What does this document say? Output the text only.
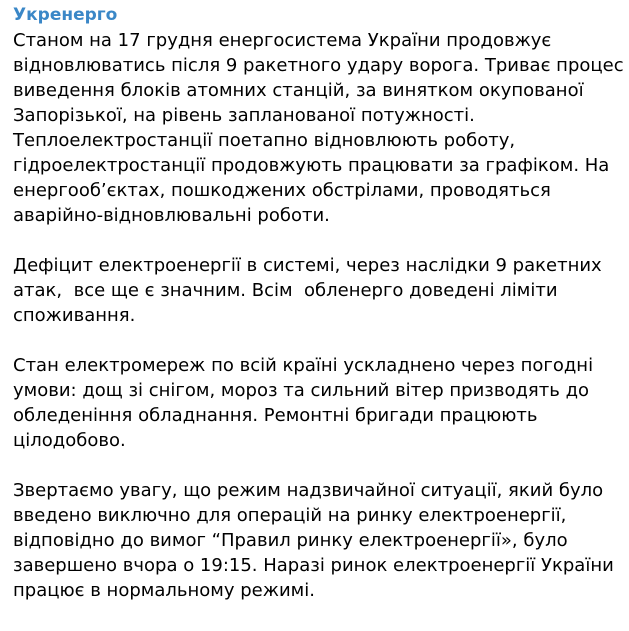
Укренерго
Станом на 17 грудня енергосистема України продовжує
відновлюватись після 9 ракетного удару ворога. Триває процес
виведення блоків атомних станцій, за винятком окупованої
Запорізької, на рівень запланованої потужності.
Теплоелектростанції поетапно відновлюють роботу,
гідроелектростанції продовжують працювати за графіком. На
енергооб’єктах, пошкоджених обстрілами, проводяться
аварійно-відновлювальні роботи.
Дефіцит електроенергії в системі, через наслідки 9 ракетних
атак,  все ще є значним. Всім  обленерго доведені ліміти
споживання.
Стан електромереж по всій країні ускладнено через погодні
умови: дощ зі снігом, мороз та сильний вітер призводять до
обледеніння обладнання. Ремонтні бригади працюють
цілодобово.
Звертаємо увагу, що режим надзвичайної ситуації, який було
введено виключно для операцій на ринку електроенергії,
відповідно до вимог “Правил ринку електроенергії», було
завершено вчора о 19:15. Наразі ринок електроенергії України
працює в нормальному режимі.
